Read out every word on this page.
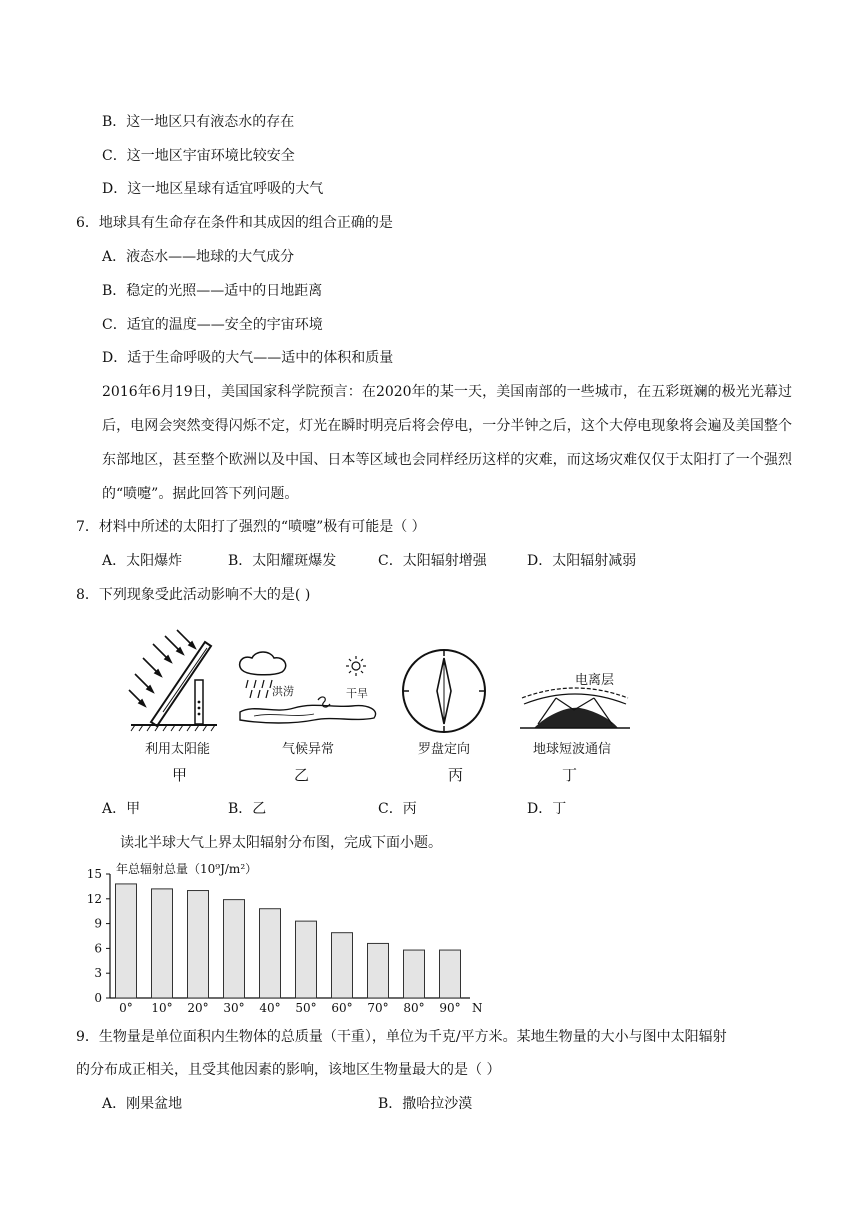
B．这一地区只有液态水的存在
C．这一地区宇宙环境比较安全
D．这一地区星球有适宜呼吸的大气
6．地球具有生命存在条件和其成因的组合正确的是
A．液态水——地球的大气成分
B．稳定的光照——适中的日地距离
C．适宜的温度——安全的宇宙环境
D．适于生命呼吸的大气——适中的体积和质量
2016年6月19日，美国国家科学院预言：在2020年的某一天，美国南部的一些城市，在五彩斑斓的极光光幕过后，电网会突然变得闪烁不定，灯光在瞬时明亮后将会停电，一分半钟之后，这个大停电现象将会遍及美国整个东部地区，甚至整个欧洲以及中国、日本等区域也会同样经历这样的灾难，而这场灾难仅仅于太阳打了一个强烈的“喷嚏”。据此回答下列问题。
7．材料中所述的太阳打了强烈的“喷嚏”极有可能是（ ）
A．太阳爆炸	B．太阳耀斑爆发	C．太阳辐射增强	D．太阳辐射减弱
8．下列现象受此活动影响不大的是( )
利用太阳能
甲
洪涝	干旱
气候异常
乙
罗盘定向
丙
电离层
地球短波通信
丁
A．甲	B．乙	C．丙	D．丁
读北半球大气上界太阳辐射分布图，完成下面小题。
年总辐射总量（10⁹J/m²）
0
3
6
9
12
15
0° 10° 20° 30° 40° 50° 60° 70° 80° 90° N
9．生物量是单位面积内生物体的总质量（干重），单位为千克/平方米。某地生物量的大小与图中太阳辐射
的分布成正相关，且受其他因素的影响，该地区生物量最大的是（ ）
A．刚果盆地	B．撒哈拉沙漠
